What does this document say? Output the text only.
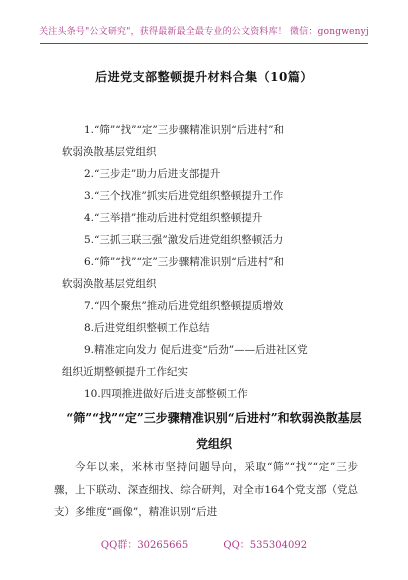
关注头条号"公文研究"，获得最新最全最专业的公文资料库！ 微信：gongwenyj
后进党支部整顿提升材料合集（10篇）

1.“筛”“找”“定”三步骤精准识别“后进村”和
软弱涣散基层党组织

2.“三步走”助力后进支部提升

3.“三个找准”抓实后进党组织整顿提升工作

4.“三举措”推动后进村党组织整顿提升

5.“三抓三联三强”激发后进党组织整顿活力

6.“筛”“找”“定”三步骤精准识别“后进村”和
软弱涣散基层党组织

7.“四个聚焦”推动后进党组织整顿提质增效

8.后进党组织整顿工作总结

9.精准定向发力 促后进变“后劲”——后进社区党
组织近期整顿提升工作纪实

10.四项推进做好后进支部整顿工作

“筛”“找”“定”三步骤精准识别“后进村”和软弱涣散基层党组织
今年以来，米林市坚持问题导向，采取“筛”“找”“定”三步骤，上下联动、深查细找、综合研判，对全市164个党支部（党总支）多维度“画像”，精准识别“后进
QQ群：30265665	QQ：535304092
